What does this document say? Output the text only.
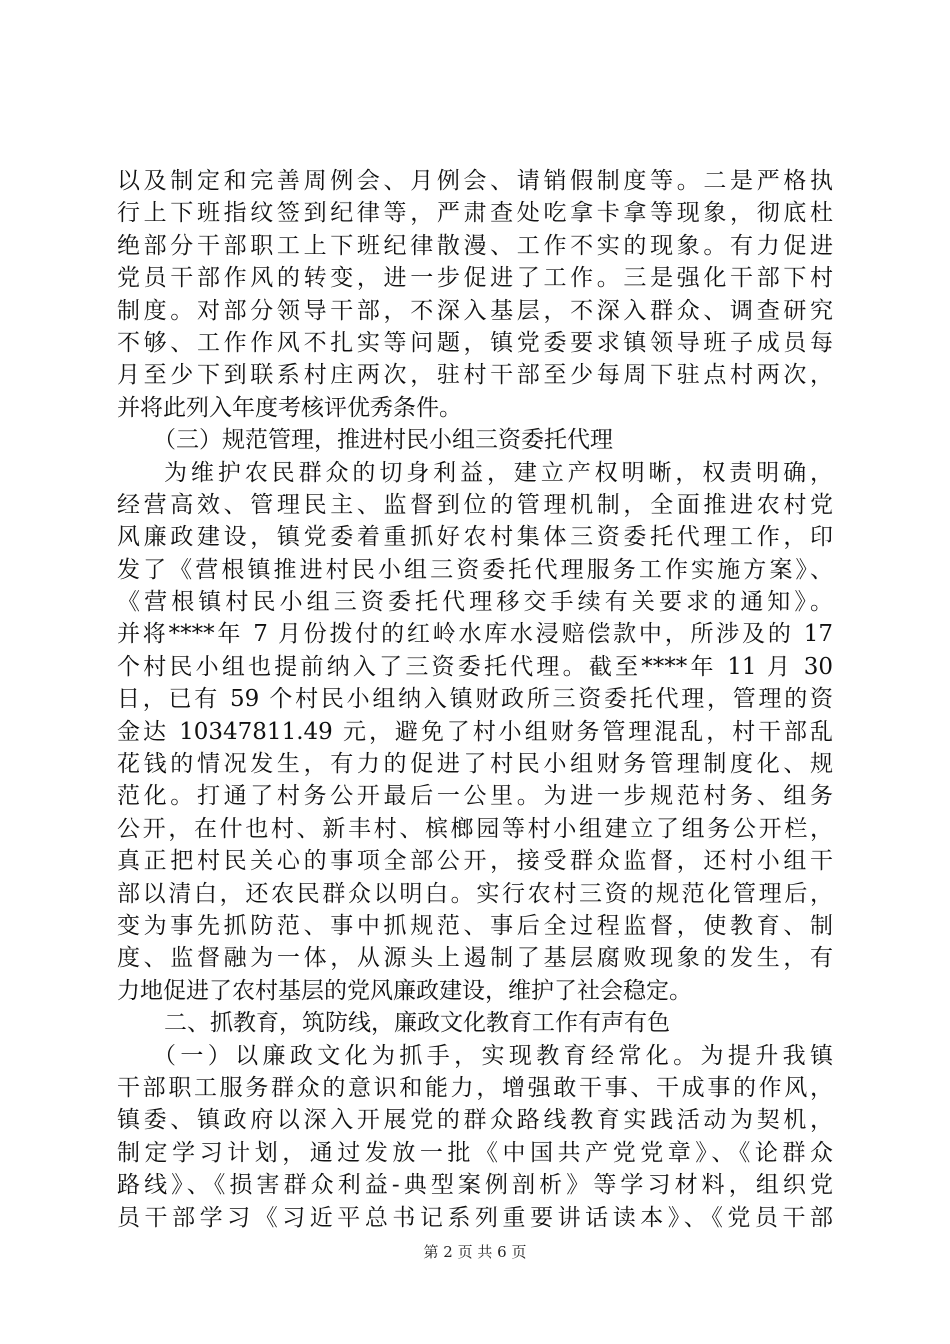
以及制定和完善周例会、月例会、请销假制度等。二是严格执
行上下班指纹签到纪律等，严肃查处吃拿卡拿等现象，彻底杜
绝部分干部职工上下班纪律散漫、工作不实的现象。有力促进
党员干部作风的转变，进一步促进了工作。三是强化干部下村
制度。对部分领导干部，不深入基层，不深入群众、调查研究
不够、工作作风不扎实等问题，镇党委要求镇领导班子成员每
月至少下到联系村庄两次，驻村干部至少每周下驻点村两次，
并将此列入年度考核评优秀条件。
（三）规范管理，推进村民小组三资委托代理
为维护农民群众的切身利益，建立产权明晰，权责明确，
经营高效、管理民主、监督到位的管理机制，全面推进农村党
风廉政建设，镇党委着重抓好农村集体三资委托代理工作，印
发了《营根镇推进村民小组三资委托代理服务工作实施方案》、
《营根镇村民小组三资委托代理移交手续有关要求的通知》。
并将****年 7 月份拨付的红岭水库水浸赔偿款中，所涉及的 17
个村民小组也提前纳入了三资委托代理。截至****年 11 月 30
日，已有 59 个村民小组纳入镇财政所三资委托代理，管理的资
金达 10347811.49 元，避免了村小组财务管理混乱，村干部乱
花钱的情况发生，有力的促进了村民小组财务管理制度化、规
范化。打通了村务公开最后一公里。为进一步规范村务、组务
公开，在什也村、新丰村、槟榔园等村小组建立了组务公开栏，
真正把村民关心的事项全部公开，接受群众监督，还村小组干
部以清白，还农民群众以明白。实行农村三资的规范化管理后，
变为事先抓防范、事中抓规范、事后全过程监督，使教育、制
度、监督融为一体，从源头上遏制了基层腐败现象的发生，有
力地促进了农村基层的党风廉政建设，维护了社会稳定。
二、抓教育，筑防线，廉政文化教育工作有声有色
（一）以廉政文化为抓手，实现教育经常化。为提升我镇
干部职工服务群众的意识和能力，增强敢干事、干成事的作风，
镇委、镇政府以深入开展党的群众路线教育实践活动为契机，
制定学习计划，通过发放一批《中国共产党党章》、《论群众
路线》、《损害群众利益-典型案例剖析》等学习材料，组织党
员干部学习《习近平总书记系列重要讲话读本》、《党员干部
第 2 页 共 6 页
